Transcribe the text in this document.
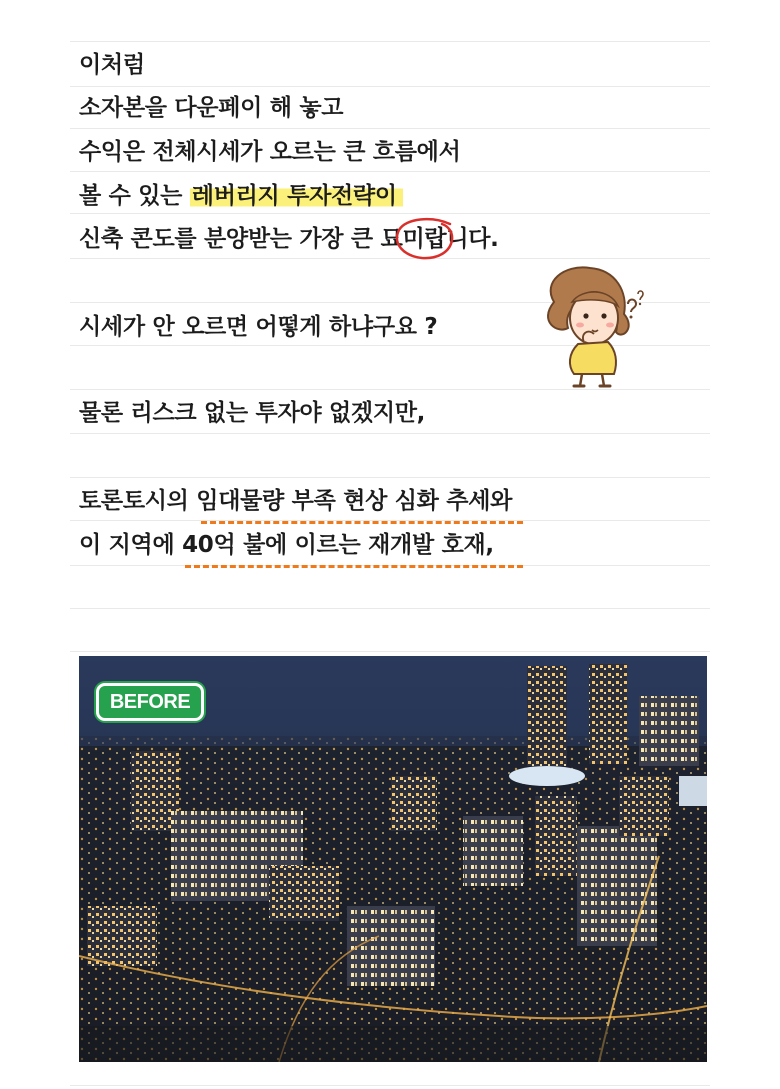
이처럼
소자본을 다운페이 해 놓고
수익은 전체시세가 오르는 큰 흐름에서
볼 수 있는 레버리지 투자전략이
신축 콘도를 분양받는 가장 큰 묘미랍니다.
시세가 안 오르면 어떻게 하냐구요 ?
물론 리스크 없는 투자야 없겠지만,
토론토시의 임대물량 부족 현상 심화 추세와
이 지역에 40억 불에 이르는 재개발 호재,
BEFORE
